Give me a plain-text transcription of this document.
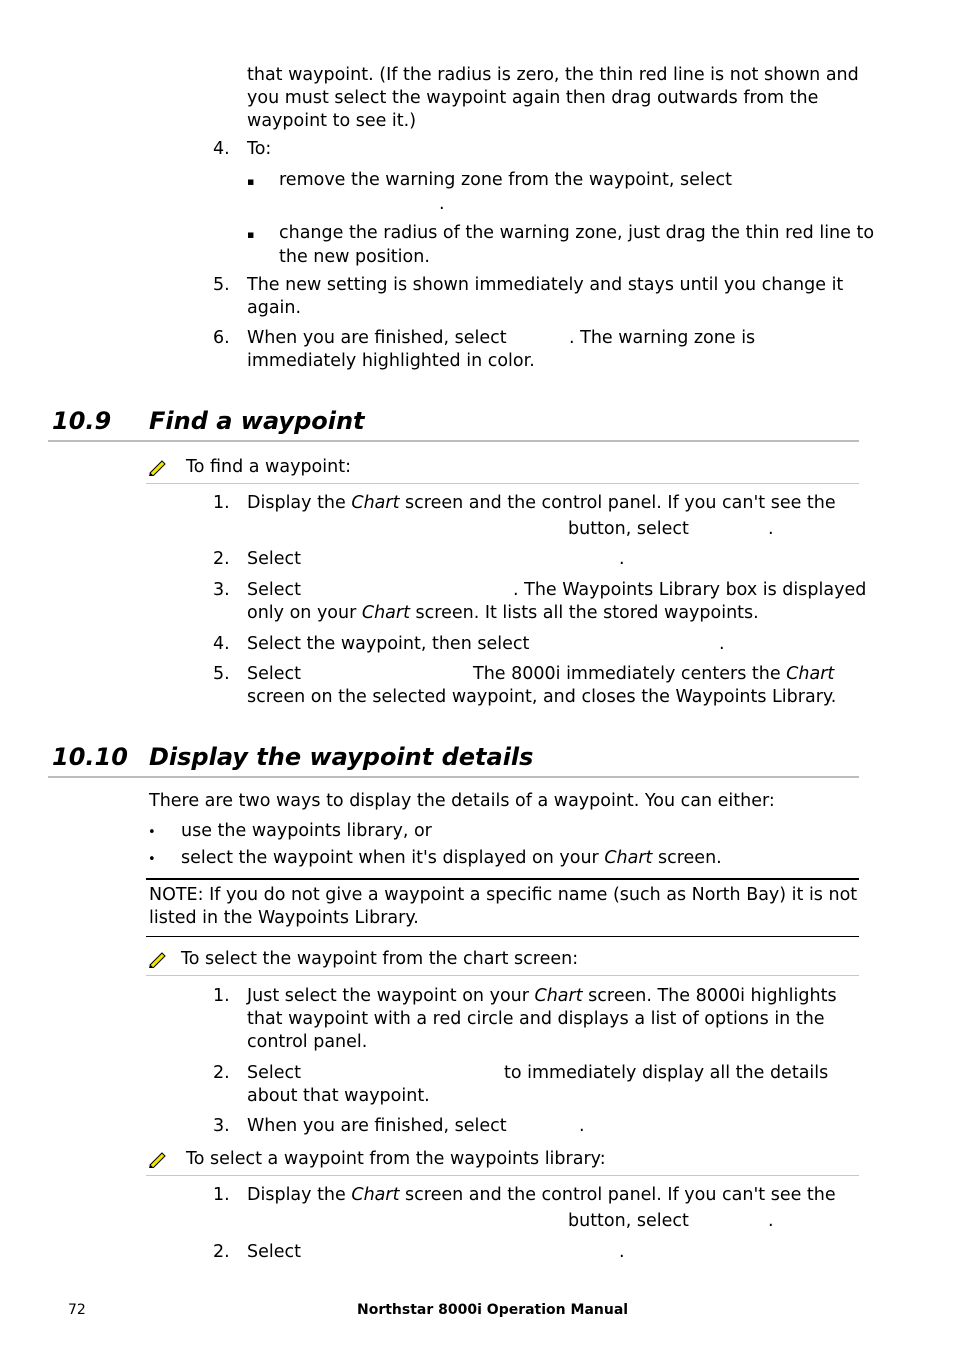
that waypoint. (If the radius is zero, the thin red line is not shown and
you must select the waypoint again then drag outwards from the
waypoint to see it.)
4. To:
▪ remove the warning zone from the waypoint, select
.
▪ change the radius of the warning zone, just drag the thin red line to
the new position.
5. The new setting is shown immediately and stays until you change it
again.
6. When you are finished, select	. The warning zone is
immediately highlighted in color.
10.9 Find a waypoint
To find a waypoint:
1. Display the Chart screen and the control panel. If you can't see the
button, select	.
2. Select	.
3. Select	. The Waypoints Library box is displayed
only on your Chart screen. It lists all the stored waypoints.
4. Select the waypoint, then select	.
5. Select	The 8000i immediately centers the Chart
screen on the selected waypoint, and closes the Waypoints Library.
10.10 Display the waypoint details
There are two ways to display the details of a waypoint. You can either:
• use the waypoints library, or
• select the waypoint when it's displayed on your Chart screen.
NOTE: If you do not give a waypoint a specific name (such as North Bay) it is not
listed in the Waypoints Library.
To select the waypoint from the chart screen:
1. Just select the waypoint on your Chart screen. The 8000i highlights
that waypoint with a red circle and displays a list of options in the
control panel.
2. Select	to immediately display all the details
about that waypoint.
3. When you are finished, select	.
To select a waypoint from the waypoints library:
1. Display the Chart screen and the control panel. If you can't see the
button, select	.
2. Select	.
72	Northstar 8000i Operation Manual
